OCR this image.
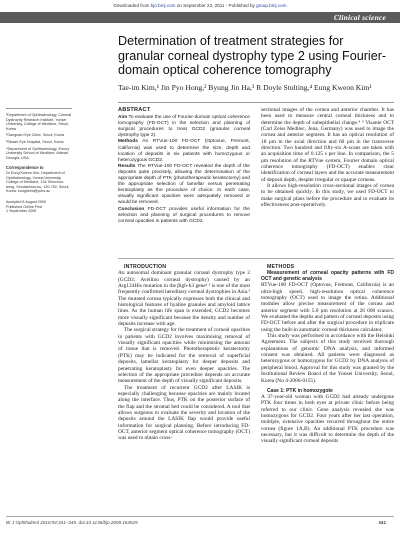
Downloaded from bjo.bmj.com on September 23, 2011 - Published by group.bmj.com
Clinical science
Determination of treatment strategies for granular corneal dystrophy type 2 using Fourier-domain optical coherence tomography
Tae-im Kim,¹ Jin Pyo Hong,² Byung Jin Ha,³ R Doyle Stulting,⁴ Eung Kweon Kim¹

¹Department of Ophthalmology, Corneal Dystrophy Research Institute, Yonsei University, College of Medicine, Seoul, Korea

²Gangnam Eye Clinic, Seoul, Korea

³Siloam Eye Hospital, Seoul, Korea

⁴Department of Ophthalmology, Emory University School of Medicine, Atlanta, Georgia, USA

Correspondence to
Dr Eung Kweon Kim, Department of Ophthalmology, Yonsei University, College of Medicine, 134 Shinchon-dong, Seodaemun-ku, 120-752, Seoul, Korea; eungkkim@yuhs.ac
Accepted 8 August 2009
Published Online First
1 September 2009
ABSTRACT

Aim To evaluate the use of Fourier-domain optical coherence tomography (FD-OCT) in the selection and planning of surgical procedures to treat GCD2 (granular corneal dystrophy type 2).

Methods An RTVue-100 FD-OCT (Optovue, Fremont, California) was used to determine the size, depth and location of deposits in six patients with homozygous or heterozygous GCD2.

Results The RTVue-100 FD-OCT revealed the depth of the deposits quite precisely, allowing the determination of the appropriate depth of PTK (phototherapeutic keratectomy) and the appropriate selection of lamellar versus penetrating keratoplasty as the procedure of choice. In each case, visually significant opacities were adequately removed or would be removed.

Conclusion FD-OCT provides useful information for the selection and planning of surgical procedures to remove corneal opacities in patients with GCD2.

sectional images of the cornea and anterior chamber. It has been used to measure central corneal thickness and to determine the depth of subepithelial change.⁴ ⁵ Visante OCT (Carl Zeiss Meditec, Jena, Germany) was used to image the cornea and anterior segment. It has an optical resolution of 18 μm in the axial direction and 60 μm in the transverse direction. Two hundred and fifty-six A-scans are taken with an acquisition time of 0.125 s per line. In comparison, the 5 μm resolution of the RTVue system, Fourier domain optical coherence tomography (FD-OCT) enables clear identification of corneal layers and the accurate measurement of deposit depth, despite irregular or opaque corneas.

It allows high-resolution cross-sectional images of cornea to be obtained quickly. In this study, we used FD-OCT to make surgical plans before the procedure and to evaluate its effectiveness post-operatively.

INTRODUCTION

An autosomal dominant granular corneal dystrophy type 2 (GCD2; Avellino corneal dystrophy) caused by an Arg124His mutation in the βigh-h3 gene¹ ² is one of the most frequently confirmed hereditary corneal dystrophies in Asia.³ The mutated cornea typically expresses both the clinical and histological features of hyaline granules and amyloid lattice lines. As the human life span is extended, GCD2 becomes more visually significant because the density and number of deposits increase with age.

The surgical strategy for the treatment of corneal opacities in patients with GCD2 involves maximising removal of visually significant opacities while minimising the amount of tissue that is removed. Phototherapeutic keratectomy (PTK) may be indicated for the removal of superficial deposits, lamellar keratoplasty for deeper deposits and penetrating keratoplasty for even deeper opacities. The selection of the appropriate procedure depends on accurate measurement of the depth of visually significant deposits.

The treatment of recurrent GCD2 after LASIK is especially challenging because opacities are mainly located along the interface. Thus, PTK on the posterior surface of the flap and the stromal bed could be considered. A tool that allows surgeons to evaluate the severity and location of the deposits around the LASIK flap would provide useful information for surgical planning. Before introducing FD-OCT, anterior segment optical coherence tomography (OCT) was used to obtain cross-

METHODS

Measurement of corneal opacity patterns with FD OCT and genetic analysis

RTVue-100 FD-OCT (Optovue, Fremont, California) is an ultra-high speed, high-resolution optical coherence tomography (OCT) used to image the retina. Additional modules allow precise measurement of the cornea and anterior segment with 5.0 μm resolution at 26 000 scans/s. We evaluated the depths and pattern of corneal deposits using FD-OCT before and after the surgical procedure in triplicate using the built-in automatic corneal thickness calculator.

This study was performed in accordance with the Helsinki Agreement. The subjects of this study received thorough explanations of genomic DNA analysis, and informed consent was obtained. All patients were diagnosed as heterozygous or homozygous for GCD2 by DNA analysis of peripheral blood. Approval for this study was granted by the Institutional Review Board of the Yonsei University, Seoul, Korea (No 4-2006-0155).

Case 1: PTK in homozygote

A 37-year-old woman with GCD2 had already undergone PTK four times in both eyes at private clinic before being referred to our clinic. Gene analysis revealed she was homozygous for GCD2. Four years after her last operation, multiple, extensive opacities recurred throughout the entire cornea (figure 1A,B). An additional PTK procedure was necessary, but it was difficult to determine the depth of the visually significant corneal deposits

Br J Ophthalmol 2010;94:341–345. doi:10.1136/bjo.2009.164525	341
